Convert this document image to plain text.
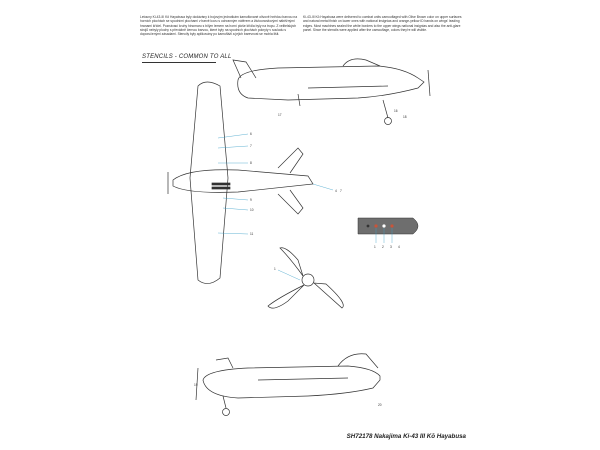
Letouny Ki-43-III Kō Hayabusa byly dodávány k bojovým jednotkám kamuflované olivově hnědou barvou na horních plochách se spodními plochami v barvě kovu s ochranným nátěrem a žlutooranžovými náběžnými hranami křídel. Poznávací kruhy hinomaru s bílým lemem na horní ploše křídla byly na trupu. Z velitelských strojů nebyly plochy s převážně černou barvou, které byly na spodních plochách pokryty v souladu s doporučenými zásadami. Stencily byly aplikovány po kamufláži a jejich barevnost se mohla lišit.

Ki-43-III Kō Hayabusa were delivered to combat units camouflaged with Olive Brown color on upper surfaces and natural metal finish on lower ones with national insignias and orange-yellow ID bands on wings' leading edges. Most machines sealed the white borders to the upper wings national insignias and also the anti-glare panel. Since the stencils were applied after the camouflage, colors they're will visible.

STENCILS - COMMON TO ALL
16
17	18
6
7
8
9
10
11
4 7
1
1 2 3 4
19
20
SH72178 Nakajima Ki-43 III Kō Hayabusa
